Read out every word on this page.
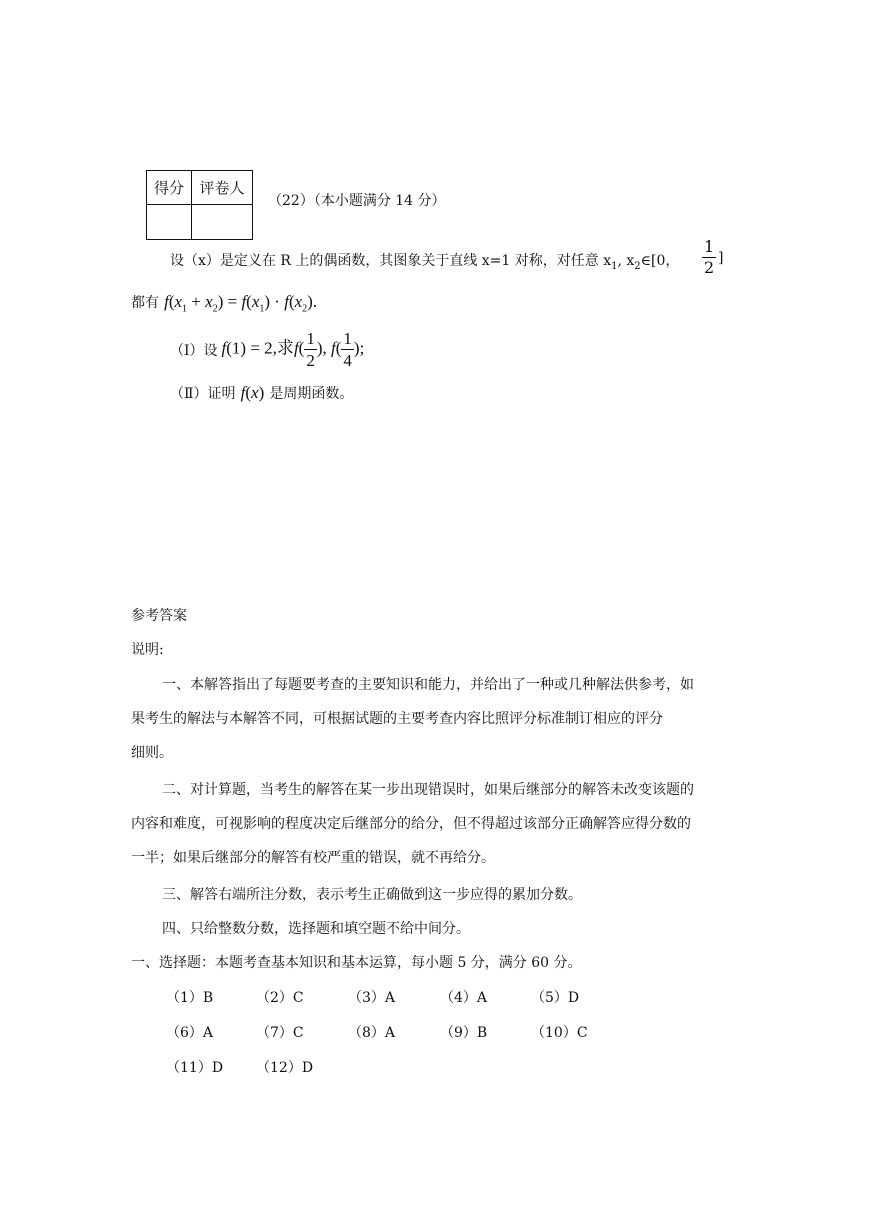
得分	评卷人

（22）（本小题满分 14 分）
设（x）是定义在 R 上的偶函数，其图象关于直线 x=1 对称，对任意 $x_1$, $x_2\in[0$， $\frac{1}{2}$ ]
都有 $f(x_1 + x_2) = f(x_1) \cdot f(x_2)$.
（Ⅰ）设 f(1) = 2,求$f( \frac{1}{2}$ ), $f( \frac{1}{4}$ );
（Ⅱ）证明 f(x) 是周期函数。
参考答案
说明:
一、本解答指出了每题要考查的主要知识和能力，并给出了一种或几种解法供参考，如
果考生的解法与本解答不同，可根据试题的主要考查内容比照评分标准制订相应的评分
细则。
二、对计算题，当考生的解答在某一步出现错误时，如果后继部分的解答未改变该题的
内容和难度，可视影响的程度决定后继部分的给分，但不得超过该部分正确解答应得分数的
一半；如果后继部分的解答有校严重的错误，就不再给分。
三、解答右端所注分数，表示考生正确做到这一步应得的累加分数。
四、只给整数分数，选择题和填空题不给中间分。
一、选择题：本题考查基本知识和基本运算，每小题 5 分，满分 60 分。
（1）B	（2）C	（3）A	（4）A	（5）D
（6）A	（7）C	（8）A	（9）B	（10）C
（11）D （12）D
